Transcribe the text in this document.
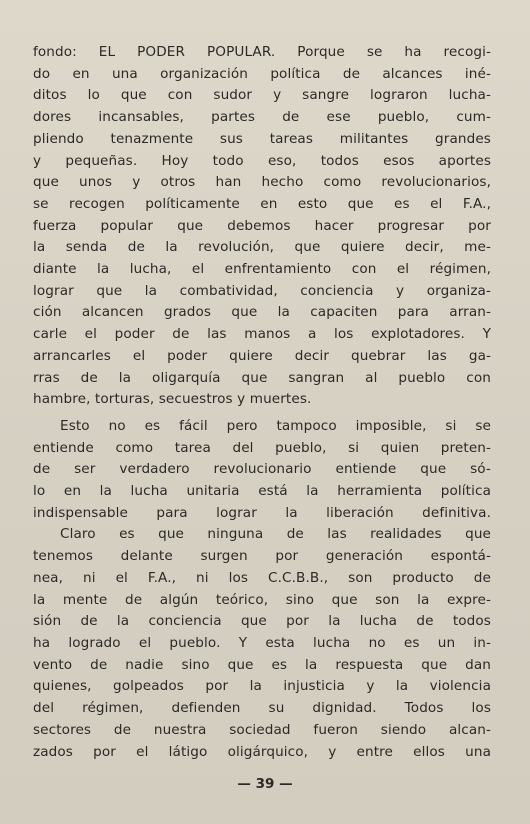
fondo: EL PODER POPULAR. Porque se ha recogi-
do en una organización política de alcances iné-
ditos lo que con sudor y sangre lograron lucha-
dores incansables, partes de ese pueblo, cum-
pliendo tenazmente sus tareas militantes grandes
y pequeñas. Hoy todo eso, todos esos aportes
que unos y otros han hecho como revolucionarios,
se recogen políticamente en esto que es el F.A.,
fuerza popular que debemos hacer progresar por
la senda de la revolución, que quiere decir, me-
diante la lucha, el enfrentamiento con el régimen,
lograr que la combatividad, conciencia y organiza-
ción alcancen grados que la capaciten para arran-
carle el poder de las manos a los explotadores. Y
arrancarles el poder quiere decir quebrar las ga-
rras de la oligarquía que sangran al pueblo con
hambre, torturas, secuestros y muertes.
Esto no es fácil pero tampoco imposible, si se
entiende como tarea del pueblo, si quien preten-
de ser verdadero revolucionario entiende que só-
lo en la lucha unitaria está la herramienta política
indispensable para lograr la liberación definitiva.
Claro es que ninguna de las realidades que
tenemos delante surgen por generación espontá-
nea, ni el F.A., ni los C.C.B.B., son producto de
la mente de algún teórico, sino que son la expre-
sión de la conciencia que por la lucha de todos
ha logrado el pueblo. Y esta lucha no es un in-
vento de nadie sino que es la respuesta que dan
quienes, golpeados por la injusticia y la violencia
del régimen, defienden su dignidad. Todos los
sectores de nuestra sociedad fueron siendo alcan-
zados por el látigo oligárquico, y entre ellos una
— 39 —
